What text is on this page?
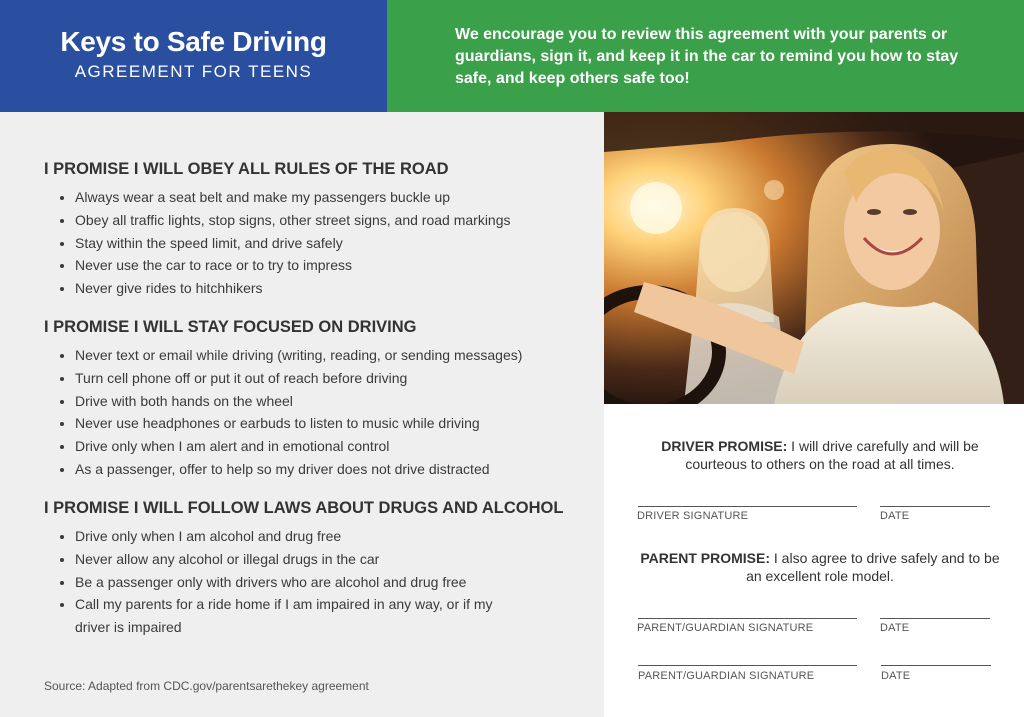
Keys to Safe Driving
AGREEMENT FOR TEENS
We encourage you to review this agreement with your parents or guardians, sign it, and keep it in the car to remind you how to stay safe, and keep others safe too!
I PROMISE I WILL OBEY ALL RULES OF THE ROAD
• Always wear a seat belt and make my passengers buckle up
• Obey all traffic lights, stop signs, other street signs, and road markings
• Stay within the speed limit, and drive safely
• Never use the car to race or to try to impress
• Never give rides to hitchhikers
I PROMISE I WILL STAY FOCUSED ON DRIVING
• Never text or email while driving (writing, reading, or sending messages)
• Turn cell phone off or put it out of reach before driving
• Drive with both hands on the wheel
• Never use headphones or earbuds to listen to music while driving
• Drive only when I am alert and in emotional control
• As a passenger, offer to help so my driver does not drive distracted
I PROMISE I WILL FOLLOW LAWS ABOUT DRUGS AND ALCOHOL
• Drive only when I am alcohol and drug free
• Never allow any alcohol or illegal drugs in the car
• Be a passenger only with drivers who are alcohol and drug free
• Call my parents for a ride home if I am impaired in any way, or if my driver is impaired
Source: Adapted from CDC.gov/parentsarethekey agreement
DRIVER PROMISE: I will drive carefully and will be courteous to others on the road at all times.
DRIVER SIGNATURE	DATE
PARENT PROMISE: I also agree to drive safely and to be an excellent role model.
PARENT/GUARDIAN SIGNATURE	DATE
PARENT/GUARDIAN SIGNATURE	DATE
